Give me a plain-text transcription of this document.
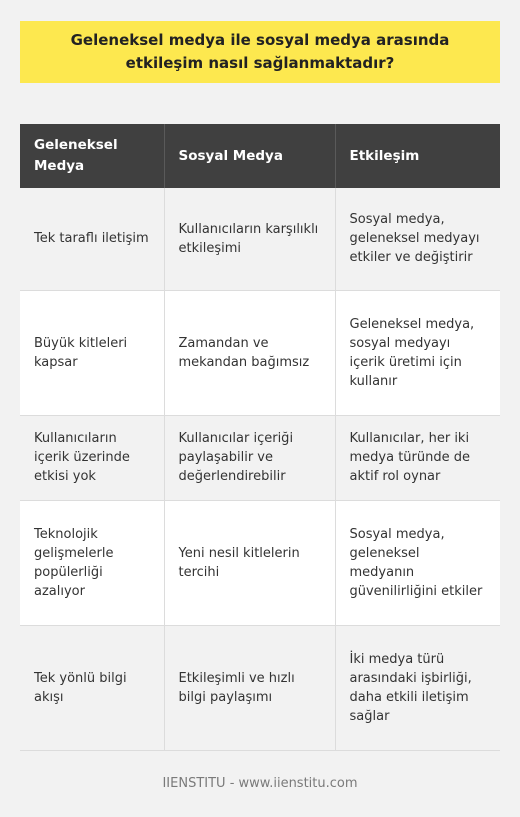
Geleneksel medya ile sosyal medya arasında etkileşim nasıl sağlanmaktadır?
Geleneksel Medya	Sosyal Medya	Etkileşim
Tek taraflı iletişim	Kullanıcıların karşılıklı etkileşimi	Sosyal medya, geleneksel medyayı etkiler ve değiştirir
Büyük kitleleri kapsar	Zamandan ve mekandan bağımsız	Geleneksel medya, sosyal medyayı içerik üretimi için kullanır
Kullanıcıların içerik üzerinde etkisi yok	Kullanıcılar içeriği paylaşabilir ve değerlendirebilir	Kullanıcılar, her iki medya türünde de aktif rol oynar
Teknolojik gelişmelerle popülerliği azalıyor	Yeni nesil kitlelerin tercihi	Sosyal medya, geleneksel medyanın güvenilirliğini etkiler
Tek yönlü bilgi akışı	Etkileşimli ve hızlı bilgi paylaşımı	İki medya türü arasındaki işbirliği, daha etkili iletişim sağlar
IIENSTITU - www.iienstitu.com
